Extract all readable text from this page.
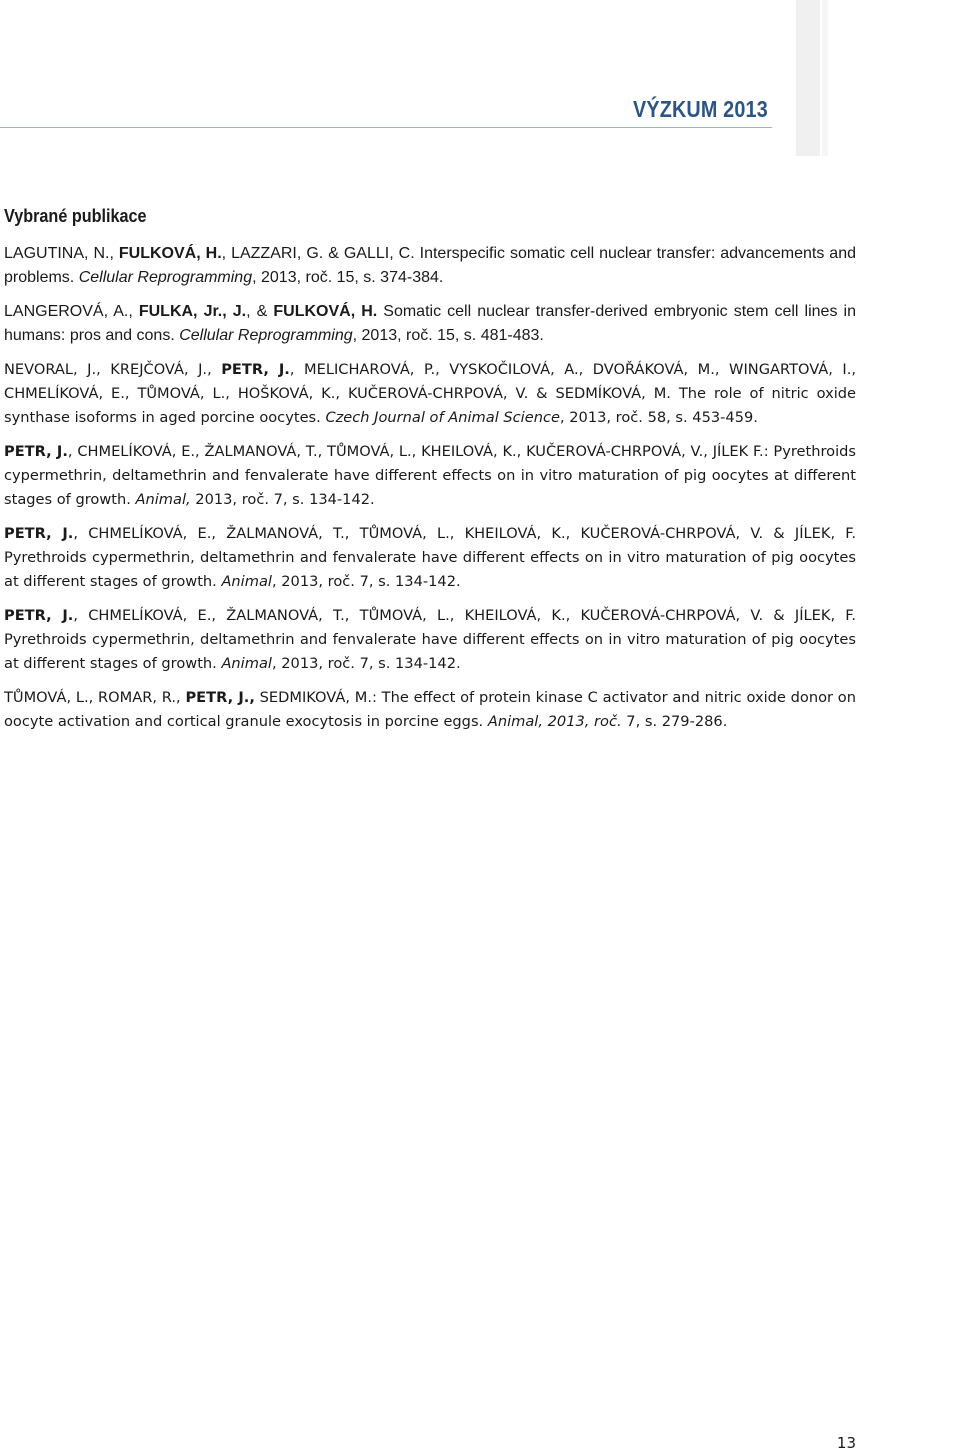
VÝZKUM 2013
Vybrané publikace

LAGUTINA, N., FULKOVÁ, H., LAZZARI, G. & GALLI, C. Interspecific somatic cell nuclear transfer: advancements and problems. Cellular Reprogramming, 2013, roč. 15, s. 374-384.

LANGEROVÁ, A., FULKA, Jr., J., & FULKOVÁ, H. Somatic cell nuclear transfer-derived embryonic stem cell lines in humans: pros and cons. Cellular Reprogramming, 2013, roč. 15, s. 481-483.

NEVORAL, J., KREJČOVÁ, J., PETR, J., MELICHAROVÁ, P., VYSKOČILOVÁ, A., DVOŘÁKOVÁ, M., WINGARTOVÁ, I., CHMELÍKOVÁ, E., TŮMOVÁ, L., HOŠKOVÁ, K., KUČEROVÁ-CHRPOVÁ, V. & SEDMÍKOVÁ, M. The role of nitric oxide synthase isoforms in aged porcine oocytes. Czech Journal of Animal Science, 2013, roč. 58, s. 453-459.

PETR, J., CHMELÍKOVÁ, E., ŽALMANOVÁ, T., TŮMOVÁ, L., KHEILOVÁ, K., KUČEROVÁ-CHRPOVÁ, V., JÍLEK F.: Pyrethroids cypermethrin, deltamethrin and fenvalerate have different effects on in vitro maturation of pig oocytes at different stages of growth. Animal, 2013, roč. 7, s. 134-142.

PETR, J., CHMELÍKOVÁ, E., ŽALMANOVÁ, T., TŮMOVÁ, L., KHEILOVÁ, K., KUČEROVÁ-CHRPOVÁ, V. & JÍLEK, F. Pyrethroids cypermethrin, deltamethrin and fenvalerate have different effects on in vitro maturation of pig oocytes at different stages of growth. Animal, 2013, roč. 7, s. 134-142.

PETR, J., CHMELÍKOVÁ, E., ŽALMANOVÁ, T., TŮMOVÁ, L., KHEILOVÁ, K., KUČEROVÁ-CHRPOVÁ, V. & JÍLEK, F. Pyrethroids cypermethrin, deltamethrin and fenvalerate have different effects on in vitro maturation of pig oocytes at different stages of growth. Animal, 2013, roč. 7, s. 134-142.

TŮMOVÁ, L., ROMAR, R., PETR, J., SEDMIKOVÁ, M.: The effect of protein kinase C activator and nitric oxide donor on oocyte activation and cortical granule exocytosis in porcine eggs. Animal, 2013, roč. 7, s. 279-286.

13
